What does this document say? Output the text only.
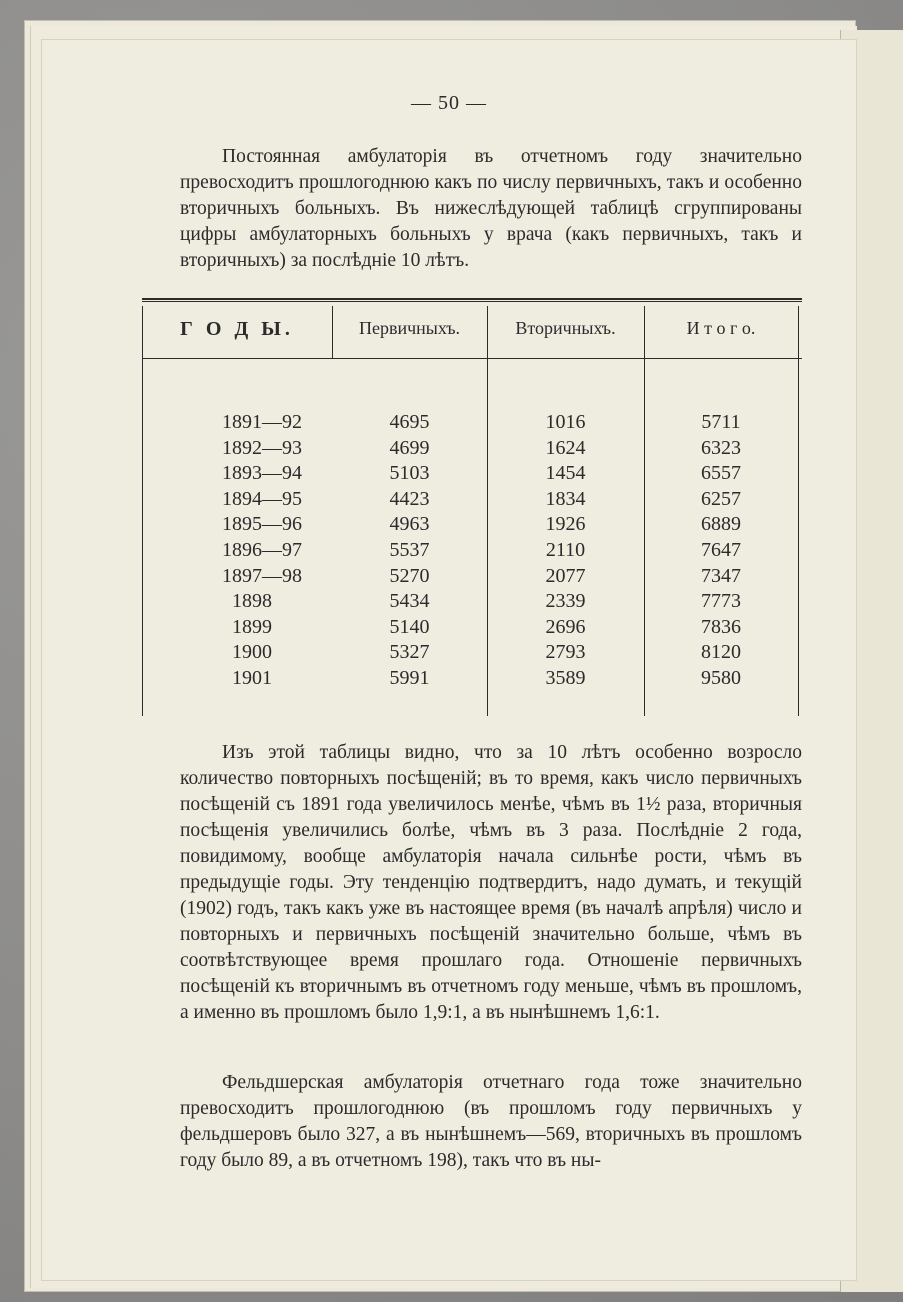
— 50 —

Постоянная амбулаторія въ отчетномъ году значительно превосходитъ прошлогоднюю какъ по числу первичныхъ, такъ и особенно вторичныхъ больныхъ. Въ нижеслѣдующей таблицѣ сгруппированы цифры амбулаторныхъ больныхъ у врача (какъ первичныхъ, такъ и вторичныхъ) за послѣдніе 10 лѣтъ.

Г О Д Ы.	Первичныхъ.	Вторичныхъ.	И т о г о.
1891—92	4695	1016	5711
1892—93	4699	1624	6323
1893—94	5103	1454	6557
1894—95	4423	1834	6257
1895—96	4963	1926	6889
1896—97	5537	2110	7647
1897—98	5270	2077	7347
1898	5434	2339	7773
1899	5140	2696	7836
1900	5327	2793	8120
1901	5991	3589	9580

Изъ этой таблицы видно, что за 10 лѣтъ особенно возросло количество повторныхъ посѣщеній; въ то время, какъ число первичныхъ посѣщеній съ 1891 года увеличилось менѣе, чѣмъ въ 1½ раза, вторичныя посѣщенія увеличились болѣе, чѣмъ въ 3 раза. Послѣдніе 2 года, повидимому, вообще амбулаторія начала сильнѣе рости, чѣмъ въ предыдущіе годы. Эту тенденцію подтвердитъ, надо думать, и текущій (1902) годъ, такъ какъ уже въ настоящее время (въ началѣ апрѣля) число и повторныхъ и первичныхъ посѣщеній значительно больше, чѣмъ въ соотвѣтствующее время прошлаго года. Отношеніе первичныхъ посѣщеній къ вторичнымъ въ отчетномъ году меньше, чѣмъ въ прошломъ, а именно въ прошломъ было 1,9:1, а въ нынѣшнемъ 1,6:1.

Фельдшерская амбулаторія отчетнаго года тоже значительно превосходитъ прошлогоднюю (въ прошломъ году первичныхъ у фельдшеровъ было 327, а въ нынѣшнемъ—569, вторичныхъ въ прошломъ году было 89, а въ отчетномъ 198), такъ что въ ны-
